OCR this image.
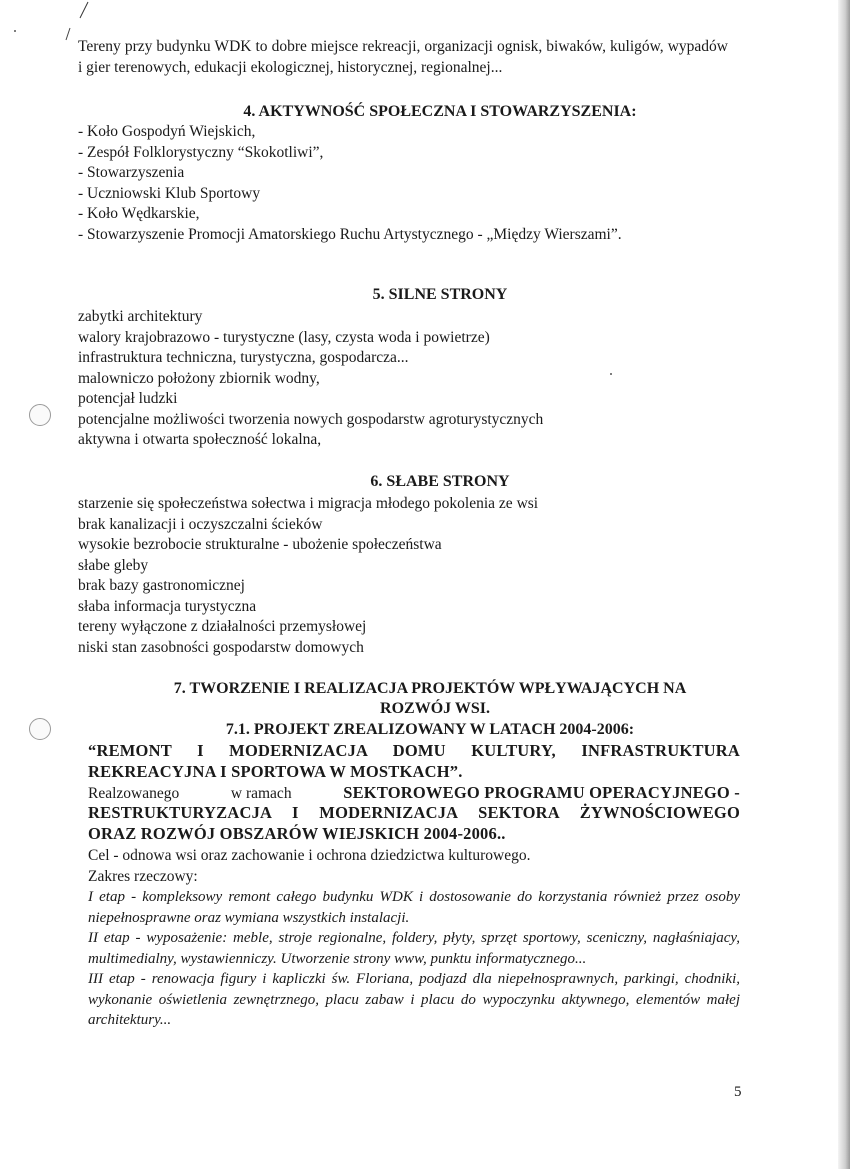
Tereny przy budynku WDK to dobre miejsce rekreacji, organizacji ognisk, biwaków, kuligów, wypadów i gier terenowych, edukacji ekologicznej, historycznej, regionalnej...
4. AKTYWNOŚĆ SPOŁECZNA I STOWARZYSZENIA:
- Koło Gospodyń Wiejskich,
- Zespół Folklorystyczny “Skokotliwi”,
- Stowarzyszenia
- Uczniowski Klub Sportowy
- Koło Wędkarskie,
- Stowarzyszenie Promocji Amatorskiego Ruchu Artystycznego - „Między Wierszami”.
5. SILNE STRONY
zabytki architektury
walory krajobrazowo - turystyczne (lasy, czysta woda i powietrze)
infrastruktura techniczna, turystyczna, gospodarcza...
malowniczo położony zbiornik wodny,
potencjał ludzki
potencjalne możliwości tworzenia nowych gospodarstw agroturystycznych
aktywna i otwarta społeczność lokalna,
6. SŁABE STRONY
starzenie się społeczeństwa sołectwa i migracja młodego pokolenia ze wsi
brak kanalizacji i oczyszczalni ścieków
wysokie bezrobocie strukturalne - ubożenie społeczeństwa
słabe gleby
brak bazy gastronomicznej
słaba informacja turystyczna
tereny wyłączone z działalności przemysłowej
niski stan zasobności gospodarstw domowych
7. TWORZENIE I REALIZACJA PROJEKTÓW WPŁYWAJĄCYCH NA
ROZWÓJ WSI.
7.1. PROJEKT ZREALIZOWANY W LATACH 2004-2006:
“REMONT I MODERNIZACJA DOMU KULTURY, INFRASTRUKTURA
REKREACYJNA I SPORTOWA W MOSTKACH”.
Realzowanego	w ramach	SEKTOROWEGO PROGRAMU OPERACYJNEGO -
RESTRUKTURYZACJA I MODERNIZACJA SEKTORA ŻYWNOŚCIOWEGO
ORAZ ROZWÓJ OBSZARÓW WIEJSKICH 2004-2006..
Cel - odnowa wsi oraz zachowanie i ochrona dziedzictwa kulturowego.
Zakres rzeczowy:

I etap - kompleksowy remont całego budynku WDK i dostosowanie do korzystania również przez osoby niepełnosprawne oraz wymiana wszystkich instalacji.

II etap - wyposażenie: meble, stroje regionalne, foldery, płyty, sprzęt sportowy, sceniczny, nagłaśniajacy, multimedialny, wystawienniczy. Utworzenie strony www, punktu informatycznego...

III etap - renowacja figury i kapliczki św. Floriana, podjazd dla niepełnosprawnych, parkingi, chodniki, wykonanie oświetlenia zewnętrznego, placu zabaw i placu do wypoczynku aktywnego, elementów małej architektury...

5
